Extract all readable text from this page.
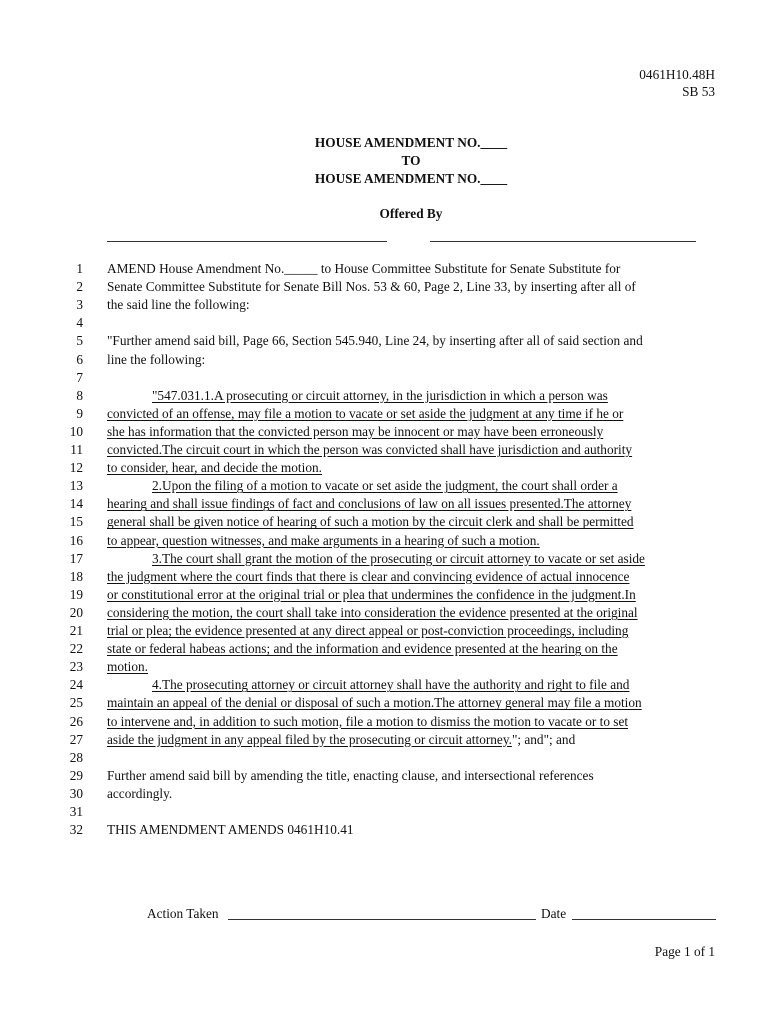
0461H10.48H
SB 53
HOUSE AMENDMENT NO.____
TO
HOUSE AMENDMENT NO.____
Offered By
1 AMEND House Amendment No._____ to House Committee Substitute for Senate Substitute for
2 Senate Committee Substitute for Senate Bill Nos. 53 & 60, Page 2, Line 33, by inserting after all of
3 the said line the following:
4
5 "Further amend said bill, Page 66, Section 545.940, Line 24, by inserting after all of said section and
6 line the following:
7
8	"547.031.1.A prosecuting or circuit attorney, in the jurisdiction in which a person was
9 convicted of an offense, may file a motion to vacate or set aside the judgment at any time if he or
10 she has information that the convicted person may be innocent or may have been erroneously
11 convicted.The circuit court in which the person was convicted shall have jurisdiction and authority
12 to consider, hear, and decide the motion.
13	2.Upon the filing of a motion to vacate or set aside the judgment, the court shall order a
14 hearing and shall issue findings of fact and conclusions of law on all issues presented.The attorney
15 general shall be given notice of hearing of such a motion by the circuit clerk and shall be permitted
16 to appear, question witnesses, and make arguments in a hearing of such a motion.
17	3.The court shall grant the motion of the prosecuting or circuit attorney to vacate or set aside
18 the judgment where the court finds that there is clear and convincing evidence of actual innocence
19 or constitutional error at the original trial or plea that undermines the confidence in the judgment.In
20 considering the motion, the court shall take into consideration the evidence presented at the original
21 trial or plea; the evidence presented at any direct appeal or post-conviction proceedings, including
22 state or federal habeas actions; and the information and evidence presented at the hearing on the
23 motion.
24	4.The prosecuting attorney or circuit attorney shall have the authority and right to file and
25 maintain an appeal of the denial or disposal of such a motion.The attorney general may file a motion
26 to intervene and, in addition to such motion, file a motion to dismiss the motion to vacate or to set
27 aside the judgment in any appeal filed by the prosecuting or circuit attorney."; and"; and
28
29 Further amend said bill by amending the title, enacting clause, and intersectional references
30 accordingly.
31
32 THIS AMENDMENT AMENDS 0461H10.41
Action Taken	Date
Page 1 of 1
